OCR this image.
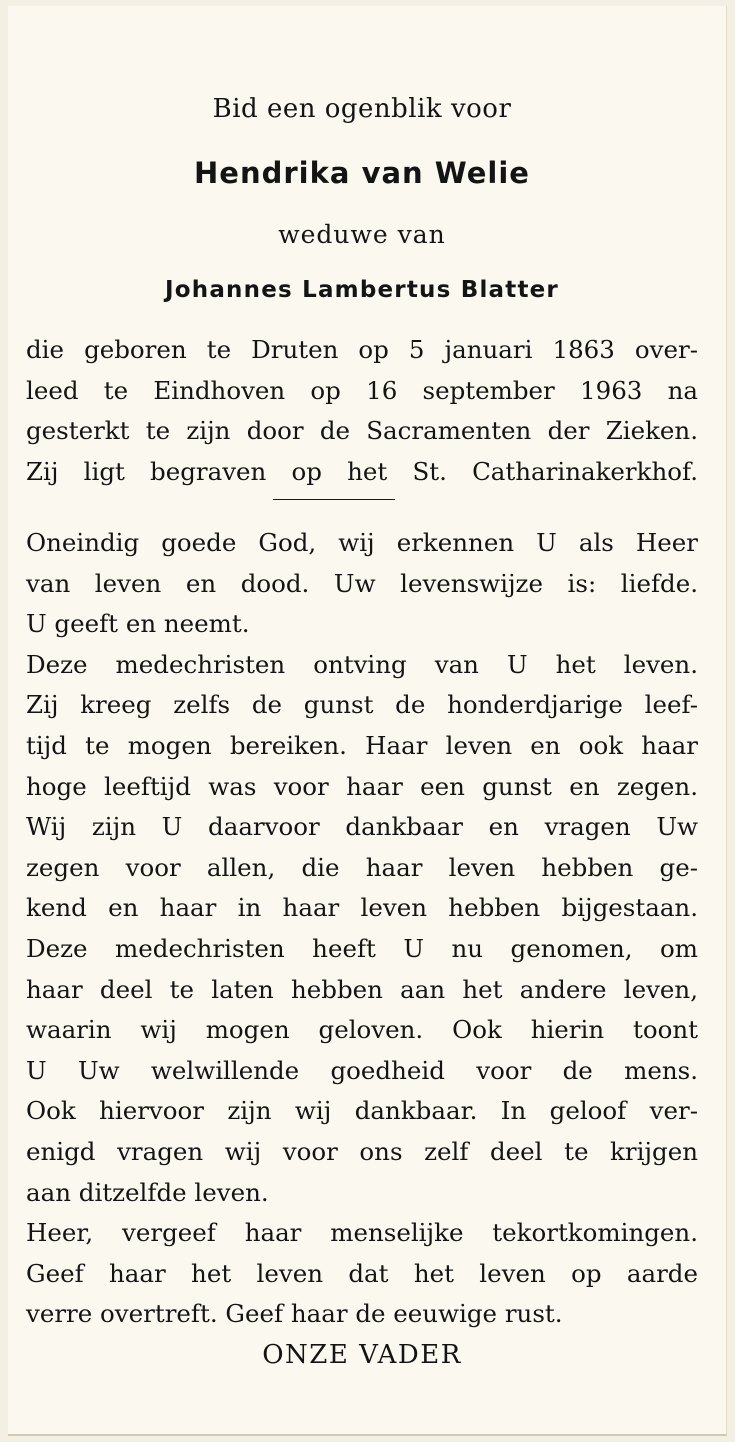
Bid een ogenblik voor
Hendrika van Welie
weduwe van
Johannes Lambertus Blatter
die geboren te Druten op 5 januari 1863 over-
leed te Eindhoven op 16 september 1963 na
gesterkt te zijn door de Sacramenten der Zieken.
Zij ligt begraven op het St. Catharinakerkhof.
Oneindig goede God, wij erkennen U als Heer
van leven en dood. Uw levenswijze is: liefde.
U geeft en neemt.
Deze medechristen ontving van U het leven.
Zij kreeg zelfs de gunst de honderdjarige leef-
tijd te mogen bereiken. Haar leven en ook haar
hoge leeftijd was voor haar een gunst en zegen.
Wij zijn U daarvoor dankbaar en vragen Uw
zegen voor allen, die haar leven hebben ge-
kend en haar in haar leven hebben bijgestaan.
Deze medechristen heeft U nu genomen, om
haar deel te laten hebben aan het andere leven,
waarin wij mogen geloven. Ook hierin toont
U Uw welwillende goedheid voor de mens.
Ook hiervoor zijn wij dankbaar. In geloof ver-
enigd vragen wij voor ons zelf deel te krijgen
aan ditzelfde leven.
Heer, vergeef haar menselijke tekortkomingen.
Geef haar het leven dat het leven op aarde
verre overtreft. Geef haar de eeuwige rust.
ONZE VADER
